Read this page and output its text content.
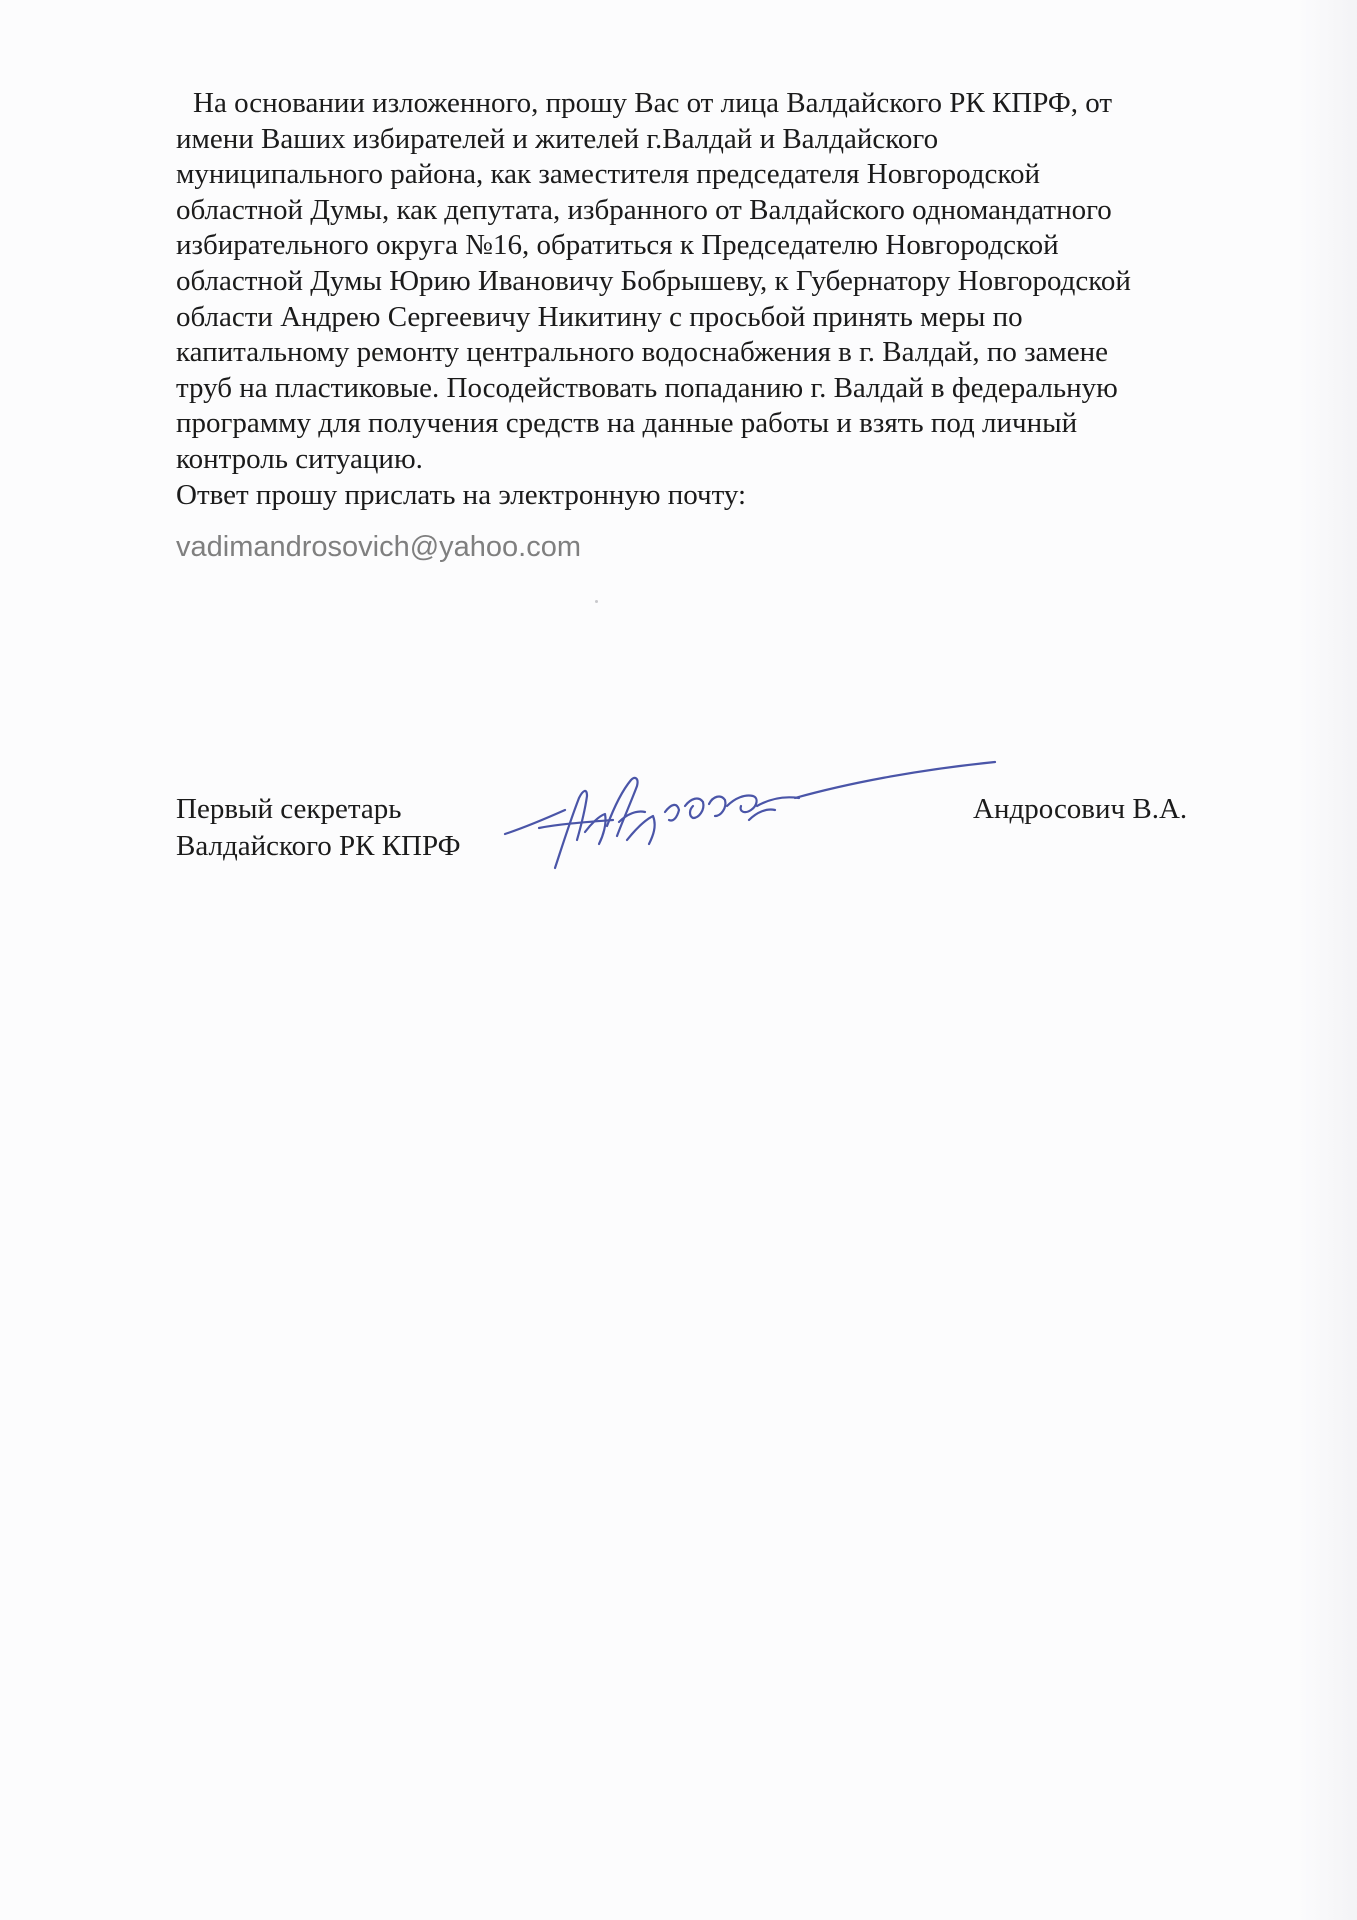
На основании изложенного, прошу Вас от лица Валдайского РК КПРФ, от
имени Ваших избирателей и жителей г.Валдай и Валдайского
муниципального района, как заместителя председателя Новгородской
областной Думы, как депутата, избранного от Валдайского одномандатного
избирательного округа №16, обратиться к Председателю Новгородской
областной Думы Юрию Ивановичу Бобрышеву, к Губернатору Новгородской
области Андрею Сергеевичу Никитину с просьбой принять меры по
капитальному ремонту центрального водоснабжения в г. Валдай, по замене
труб на пластиковые. Посодействовать попаданию г. Валдай в федеральную
программу для получения средств на данные работы и взять под личный
контроль ситуацию.
Ответ прошу прислать на электронную почту:
vadimandrosovich@yahoo.com
Первый секретарь
Валдайского РК КПРФ
Андросович В.А.
